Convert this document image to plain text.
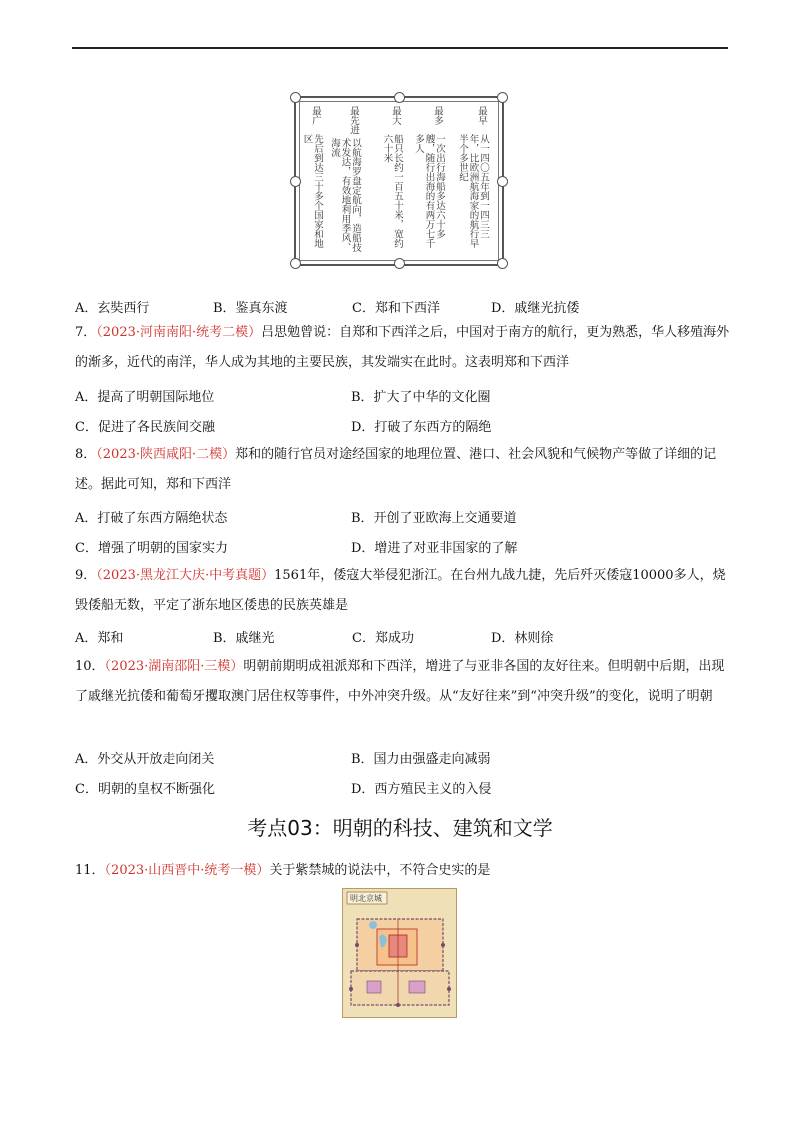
最早
从一四〇五年到一四三三年，比欧洲航海家的航行早半个多世纪
最多
一次出行海船多达六十多艘，随行出海的有两万七千多人
最大
船只长约一百五十米，宽约六十米
最先进
以航海罗盘定航向，造船技术发达，有效地利用季风、海流
最广
先后到达三十多个国家和地区
A．玄奘西行	B．鉴真东渡	C．郑和下西洋	D．戚继光抗倭
7．（2023·河南南阳·统考二模）吕思勉曾说：自郑和下西洋之后，中国对于南方的航行，更为熟悉，华人移殖海外的渐多，近代的南洋，华人成为其地的主要民族，其发端实在此时。这表明郑和下西洋
A．提高了明朝国际地位	B．扩大了中华的文化圈
C．促进了各民族间交融	D．打破了东西方的隔绝
8．（2023·陕西咸阳·二模）郑和的随行官员对途经国家的地理位置、港口、社会风貌和气候物产等做了详细的记述。据此可知，郑和下西洋
A．打破了东西方隔绝状态	B．开创了亚欧海上交通要道
C．增强了明朝的国家实力	D．增进了对亚非国家的了解
9．（2023·黑龙江大庆·中考真题）1561年，倭寇大举侵犯浙江。在台州九战九捷，先后歼灭倭寇10000多人，烧毁倭船无数，平定了浙东地区倭患的民族英雄是
A．郑和	B．戚继光	C．郑成功	D．林则徐
10．（2023·湖南邵阳·三模）明朝前期明成祖派郑和下西洋，增进了与亚非各国的友好往来。但明朝中后期，出现了戚继光抗倭和葡萄牙攫取澳门居住权等事件，中外冲突升级。从“友好往来”到“冲突升级”的变化，说明了明朝
A．外交从开放走向闭关	B．国力由强盛走向减弱
C．明朝的皇权不断强化	D．西方殖民主义的入侵
考点03：明朝的科技、建筑和文学
11．（2023·山西晋中·统考一模）关于紫禁城的说法中，不符合史实的是
明北京城
